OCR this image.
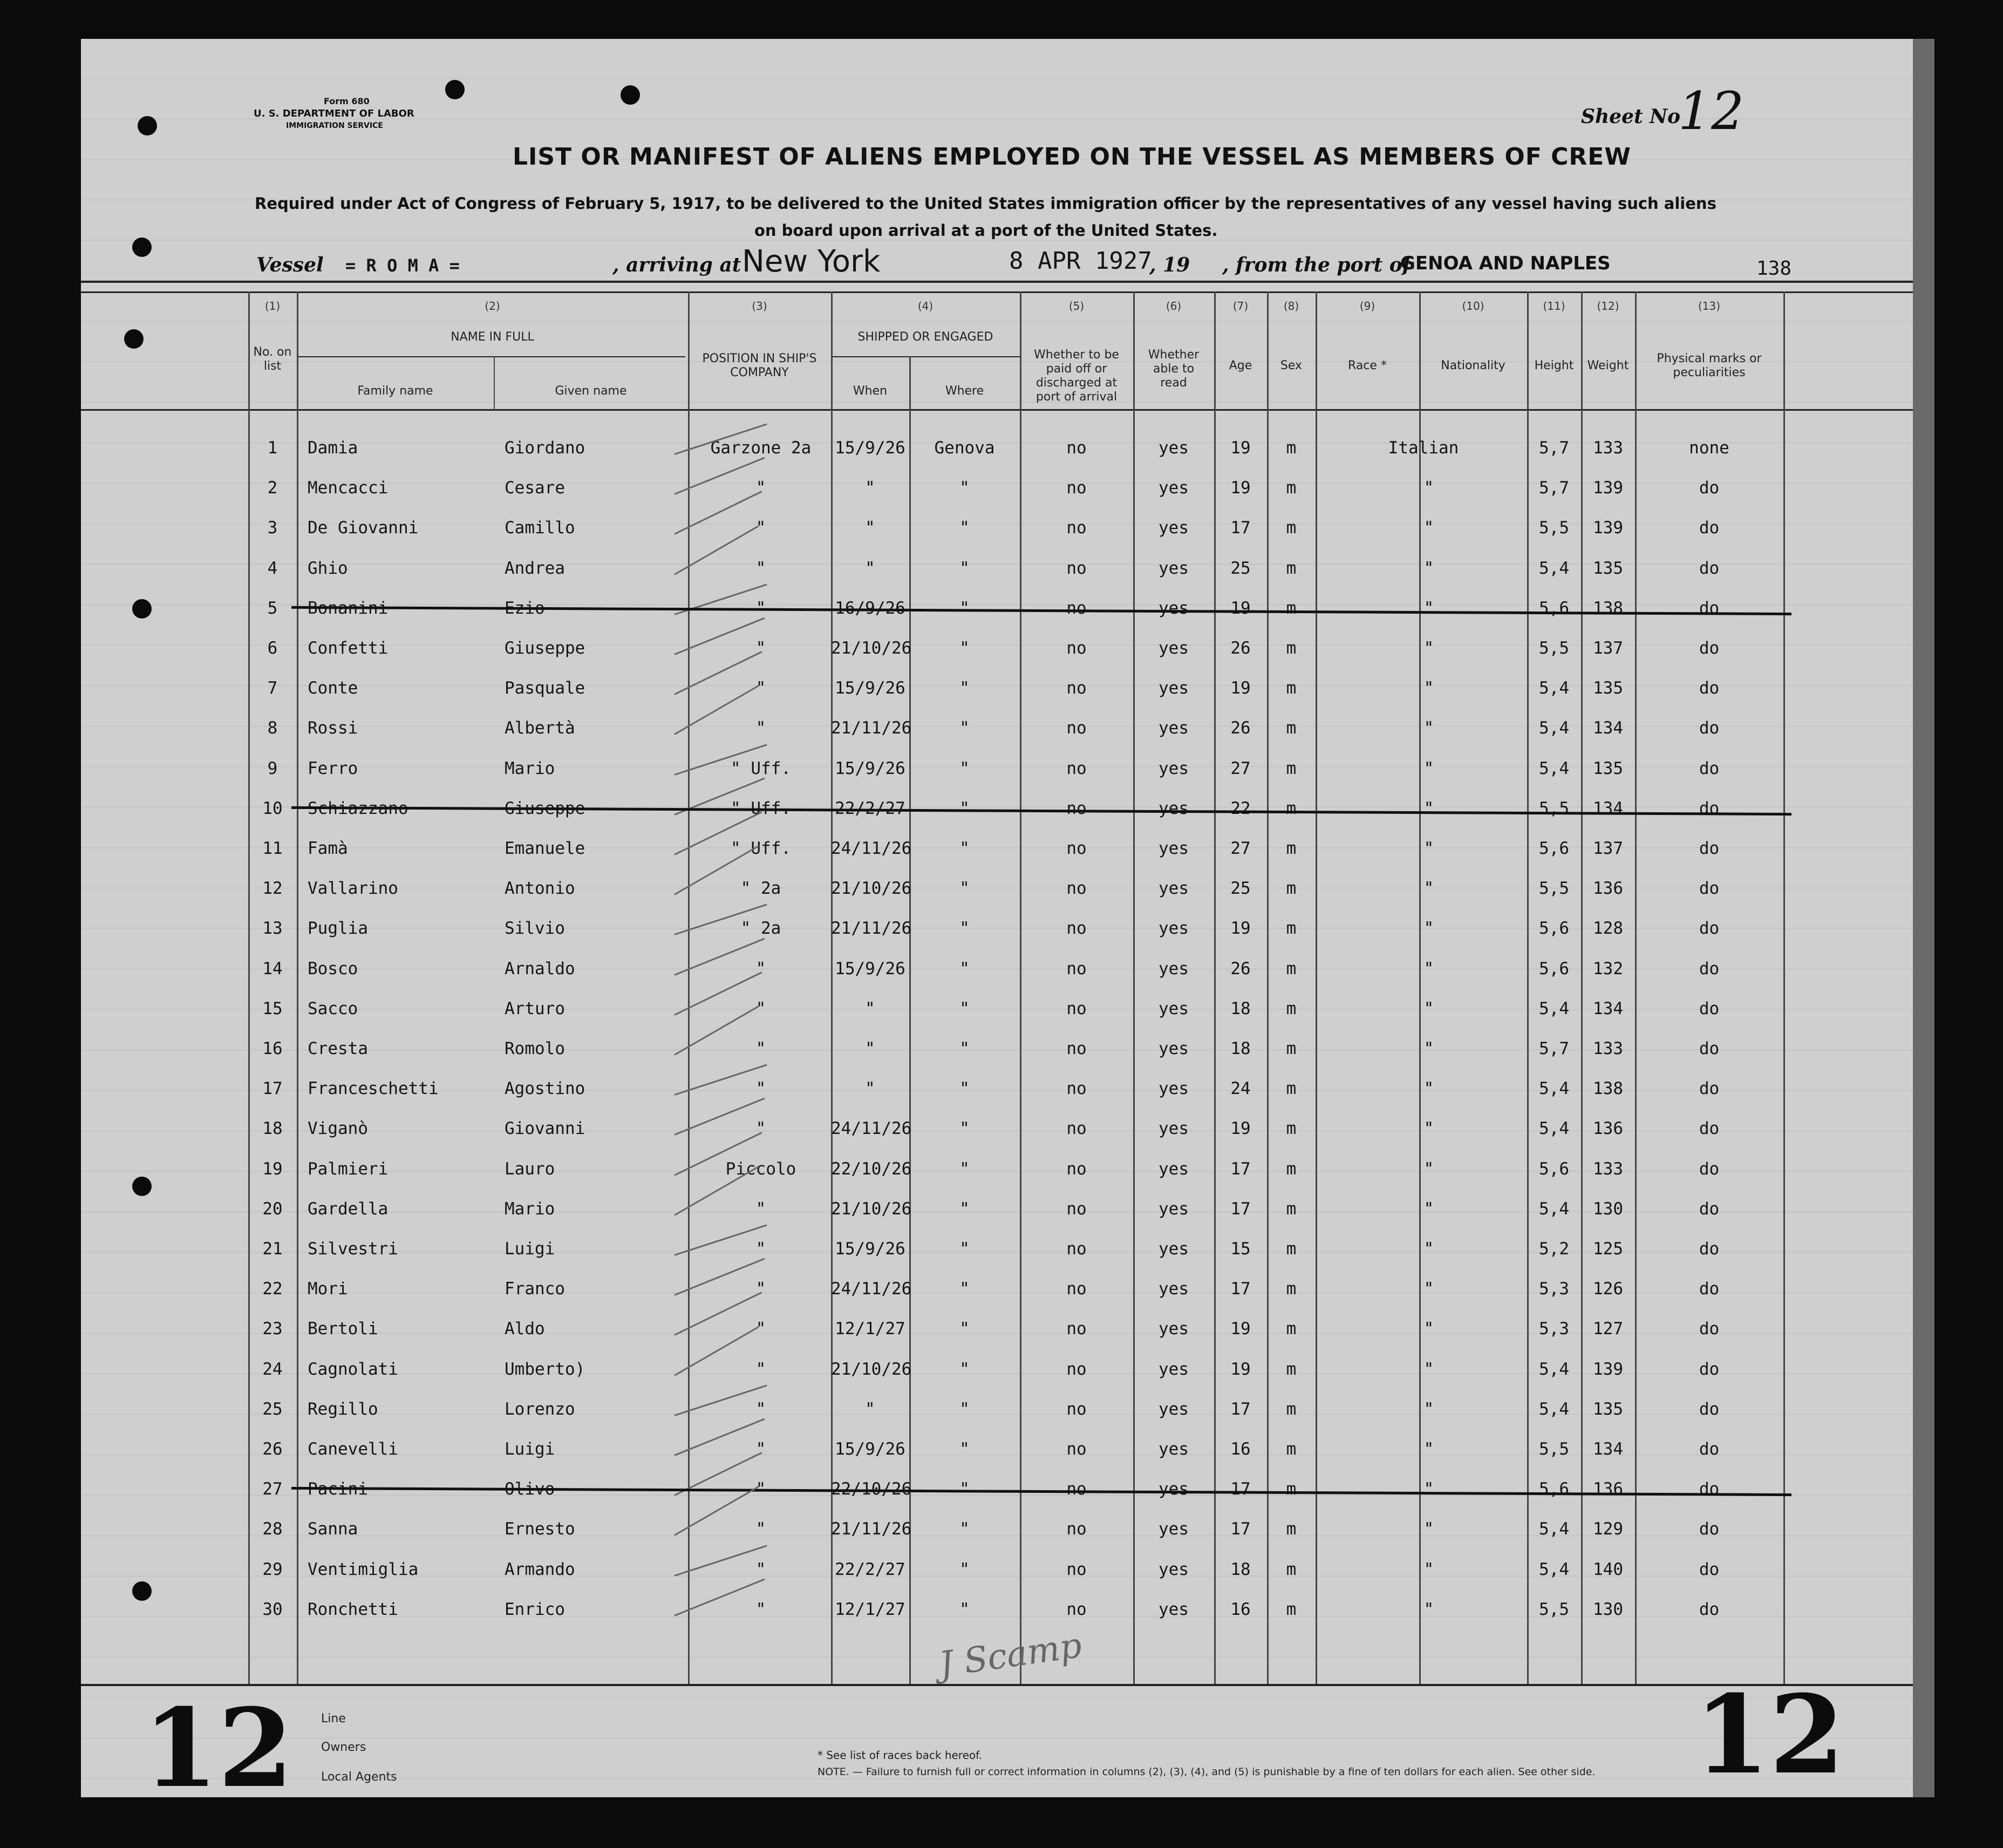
Form 680
U. S. DEPARTMENT OF LABOR
IMMIGRATION SERVICE	Sheet No
12
LIST OR MANIFEST OF ALIENS EMPLOYED ON THE VESSEL AS MEMBERS OF CREW
Required under Act of Congress of February 5, 1917, to be delivered to the United States immigration officer by the representatives of any vessel having such aliens
on board upon arrival at a port of the United States.
Vessel = R O M A =	, arriving at New York	8 APR 1927
, 19 , from the port of
GENOA AND NAPLES	138
(1)	(2)	(3)	(4)	(5)	(6)	(7)	(8)	(9)	(10)	(11)	(12)	(13)
No. on list
NAME IN FULL
Family name	Given name
POSITION IN SHIP'S COMPANY
SHIPPED OR ENGAGED
When	Where
Whether to be paid off or discharged at port of arrival
Whether able to read
Age	Sex	Race *	Nationality	Height	Weight
Physical marks or peculiarities
1	Damia	Giordano	Garzone 2a	15/9/26	Genova	no	yes	19	m	Italian	5,7	133	none
2	Mencacci	Cesare	"	"	"	no	yes	19	m	"	5,7	139	do
3	De Giovanni	Camillo	"	"	"	no	yes	17	m	"	5,5	139	do
4	Ghio	Andrea	"	"	"	no	yes	25	m	"	5,4	135	do
5	Bonanini	Ezio	"	16/9/26	"	no	yes	19	m	"	5,6	138	do
6	Confetti	Giuseppe	"	21/10/26	"	no	yes	26	m	"	5,5	137	do
7	Conte	Pasquale	"	15/9/26	"	no	yes	19	m	"	5,4	135	do
8	Rossi	Albertà	"	21/11/26	"	no	yes	26	m	"	5,4	134	do
9	Ferro	Mario	" Uff.	15/9/26	"	no	yes	27	m	"	5,4	135	do
10	Schiazzano	Giuseppe	" Uff.	22/2/27	"	no	yes	22	m	"	5,5	134	do
11	Famà	Emanuele	" Uff.	24/11/26	"	no	yes	27	m	"	5,6	137	do
12	Vallarino	Antonio	" 2a	21/10/26	"	no	yes	25	m	"	5,5	136	do
13	Puglia	Silvio	" 2a	21/11/26	"	no	yes	19	m	"	5,6	128	do
14	Bosco	Arnaldo	"	15/9/26	"	no	yes	26	m	"	5,6	132	do
15	Sacco	Arturo	"	"	"	no	yes	18	m	"	5,4	134	do
16	Cresta	Romolo	"	"	"	no	yes	18	m	"	5,7	133	do
17	Franceschetti	Agostino	"	"	"	no	yes	24	m	"	5,4	138	do
18	Viganò	Giovanni	"	24/11/26	"	no	yes	19	m	"	5,4	136	do
19	Palmieri	Lauro	Piccolo	22/10/26	"	no	yes	17	m	"	5,6	133	do
20	Gardella	Mario	"	21/10/26	"	no	yes	17	m	"	5,4	130	do
21	Silvestri	Luigi	"	15/9/26	"	no	yes	15	m	"	5,2	125	do
22	Mori	Franco	"	24/11/26	"	no	yes	17	m	"	5,3	126	do
23	Bertoli	Aldo	"	12/1/27	"	no	yes	19	m	"	5,3	127	do
24	Cagnolati	Umberto)	"	21/10/26	"	no	yes	19	m	"	5,4	139	do
25	Regillo	Lorenzo	"	"	"	no	yes	17	m	"	5,4	135	do
26	Canevelli	Luigi	"	15/9/26	"	no	yes	16	m	"	5,5	134	do
27	Pacini	Olivo	"	22/10/26	"	no	yes	17	m	"	5,6	136	do
28	Sanna	Ernesto	"	21/11/26	"	no	yes	17	m	"	5,4	129	do
29	Ventimiglia	Armando	"	22/2/27	"	no	yes	18	m	"	5,4	140	do
30	Ronchetti	Enrico	"	12/1/27	"	no	yes	16	m	"	5,5	130	do
12	12
Line
Owners
Local Agents
* See list of races back hereof.
NOTE. — Failure to furnish full or correct information in columns (2), (3), (4), and (5) is punishable by a fine of ten dollars for each alien. See other side.
J Scamp
